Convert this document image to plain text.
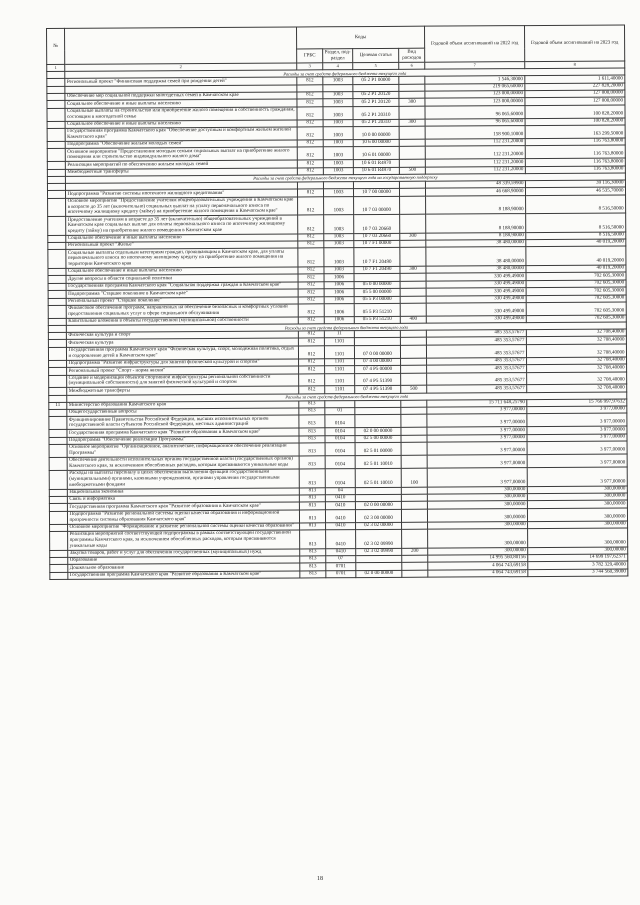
№		Коды				Годовой объем ассигнований на 2022 год	Годовой объем ассигнований на 2023 год
		ГРБС	Раздел, под-раздел	Целевая статья	Вид расходов		
1	2	3	4	5	6	7	8
	Расходы за счет средств федерального бюджета текущего года						
	Региональный проект "Финансовая поддержка семей при рождении детей"	812	1003	05 2 P1 00000		1 546,30000	1 611,40000
						219 065,60000	227 828,20000
	Обеспечение мер социальной поддержки многодетных семей в Камчатском крае	812	1003	05 2 P1 20120		123 000,00000	127 000,00000
	Социальное обеспечение и иные выплаты населению	812	1003	05 2 P1 20120	300	123 000,00000	127 000,00000
	Социальные выплаты на строительство или приобретение жилого помещения в собственность гражданам, состоящим в многодетной семье	812	1003	05 2 P1 20310		96 065,60000	100 828,20000
	Социальное обеспечение и иные выплаты населению	812	1003	05 2 P1 20310	300	96 065,60000	100 828,20000
	Государственная программа Камчатского края "Обеспечение доступным и комфортным жильем жителей Камчатского края"	812	1003	10 0 00 00000		158 900,10000	163 299,50000
	Подпрограмма "Обеспечение жильем молодых семей"	812	1003	10 6 00 00000		112 231,20000	116 763,80000
	Основное мероприятие "Предоставление молодым семьям социальных выплат на приобретение жилого помещения или строительство индивидуального жилого дома"	812	1003	10 6 01 00000		112 231,20000	116 763,80000
	Реализация мероприятий по обеспечению жильем молодых семей	812	1003	10 6 01 R4970		112 231,20000	116 763,80000
	Межбюджетные трансферты	812	1003	10 6 01 R4970	500	112 231,20000	116 763,80000
	Расходы за счет средств федерального бюджета текущего года на государственную поддержку						
						48 339,59900	39 116,30000
	Подпрограмма "Развитие системы ипотечного жилищного кредитования"	812	1003	10 7 00 00000		46 668,90000	46 535,70000
	Основное мероприятие "Предоставление учителям общеобразовательных учреждений в Камчатском крае в возрасте до 35 лет (включительно) социальных выплат на уплату первоначального взноса по ипотечному жилищному кредиту (займу) на приобретение жилого помещения в Камчатском крае"	812	1003	10 7 03 00000		8 188,90000	8 516,50000
	Предоставление учителям в возрасте до 35 лет (включительно) общеобразовательных учреждений в Камчатском крае социальных выплат для оплаты первоначального взноса по ипотечному жилищному кредиту (займу) на приобретение жилого помещения в Камчатском крае	812	1003	10 7 03 20660		8 188,90000	8 516,50000
	Социальное обеспечение и иные выплаты населению	812	1003	10 7 03 20660	300	8 188,90000	8 516,50000
	Региональный проект "Жилье"	812	1003	10 7 F1 00000		38 480,00000	40 019,20000
	Социальные выплаты отдельным категориям граждан, проживающим в Камчатском крае, для уплаты первоначального взноса по ипотечному жилищному кредиту на приобретение жилого помещения на территории Камчатского края	812	1003	10 7 F1 20490		38 480,00000	40 019,20000
	Социальное обеспечение и иные выплаты населению	812	1003	10 7 F1 20490	300	38 480,00000	40 019,20000
	Другие вопросы в области социальной политики	812	1006			330 499,49000	702 605,30000
	Государственная программа Камчатского края "Социальная поддержка граждан в Камчатском крае"	812	1006	05 0 00 00000		330 499,49000	702 605,30000
	Подпрограмма "Старшее поколение в Камчатском крае"	812	1006	05 5 00 00000		330 499,49000	702 605,30000
	Региональный проект "Старшее поколение"	812	1006	05 5 P3 00000		330 499,49000	702 605,30000
	Финансовое обеспечение программ, направленных на обеспечение безопасных и комфортных условий предоставления социальных услуг в сфере социального обслуживания	812	1006	05 5 P3 51210		330 499,49000	702 605,30000
	Капитальные вложения в объекты государственной (муниципальной) собственности	812	1006	05 5 P3 51210	400	330 499,49000	702 605,30000
	Расходы за счет средств федерального бюджета текущего года						
	Физическая культура и спорт	812	11			485 353,57677	32 708,40000
	Физическая культура	812	1101			485 353,57677	32 708,40000
	Государственная программа Камчатского края "Физическая культура, спорт, молодежная политика, отдых и оздоровление детей в Камчатском крае"	812	1101	07 0 00 00000		485 353,57677	32 708,40000
	Подпрограмма "Развитие инфраструктуры для занятий физической культурой и спортом"	812	1101	07 4 00 00000		485 353,57677	32 708,40000
	Региональный проект "Спорт - норма жизни"	812	1101	07 4 P5 00000		485 353,57677	32 708,40000
	Создание и модернизация объектов спортивной инфраструктуры региональной собственности (муниципальной собственности) для занятий физической культурой и спортом	812	1101	07 4 P5 51390		485 353,57677	32 708,40000
	Межбюджетные трансферты	812	1101	07 4 P5 51390	500	485 353,57677	32 708,40000
	Расходы за счет средств федерального бюджета текущего года						
11	Министерство образования Камчатского края	813				15 711 648,25790	15 766 997,97632
	Общегосударственные вопросы	813	01			3 977,00000	3 977,00000
	Функционирование Правительства Российской Федерации, высших исполнительных органов государственной власти субъектов Российской Федерации, местных администраций	813	0104			3 977,00000	3 977,00000
	Государственная программа Камчатского края "Развитие образования в Камчатском крае"	813	0104	02 0 00 00000		3 977,00000	3 977,00000
	Подпрограмма "Обеспечение реализации Программы"	813	0104	02 5 00 00000		3 977,00000	3 977,00000
	Основное мероприятие "Организационное, аналитическое, информационное обеспечение реализации Программы"	813	0104	02 5 01 00000		3 977,00000	3 977,00000
	Обеспечение деятельности исполнительных органов государственной власти (государственных органов) Камчатского края, за исключением обособленных расходов, которым присваиваются уникальные коды	813	0104	02 5 01 10010		3 977,00000	3 977,00000
	Расходы на выплаты персоналу в целях обеспечения выполнения функций государственными (муниципальными) органами, казенными учреждениями, органами управления государственными внебюджетными фондами	813	0104	02 5 01 10010	100	3 977,00000	3 977,00000
	Национальная экономика	813	04			300,00000	300,00000
	Связь и информатика	813	0410			300,00000	300,00000
	Государственная программа Камчатского края "Развитие образования в Камчатском крае"	813	0410	02 0 00 00000		300,00000	300,00000
	Подпрограмма "Развитие региональной системы оценки качества образования и информационной прозрачности системы образования Камчатского края"	813	0410	02 3 00 00000		300,00000	300,00000
	Основное мероприятие "Формирование и развитие региональной системы оценки качества образования"	813	0410	02 3 02 00000		300,00000	300,00000
	Реализация мероприятий соответствующей подпрограммы в рамках соответствующей государственной программы Камчатского края, за исключением обособленных расходов, которым присваиваются уникальные коды	813	0410	02 3 02 09990		300,00000	300,00000
	Закупка товаров, работ и услуг для обеспечения государственных (муниципальных) нужд	813	0410	02 3 02 09990	200	300,00000	300,00000
	Образование	813	07			14 995 560,80156	14 699 197,62371
	Дошкольное образование	813	0701			4 064 743,69158	3 782 329,40000
	Государственная программа Камчатского края "Развитие образования в Камчатском крае"	813	0701	02 0 00 00000		4 064 743,69158	3 744 560,39000
18
